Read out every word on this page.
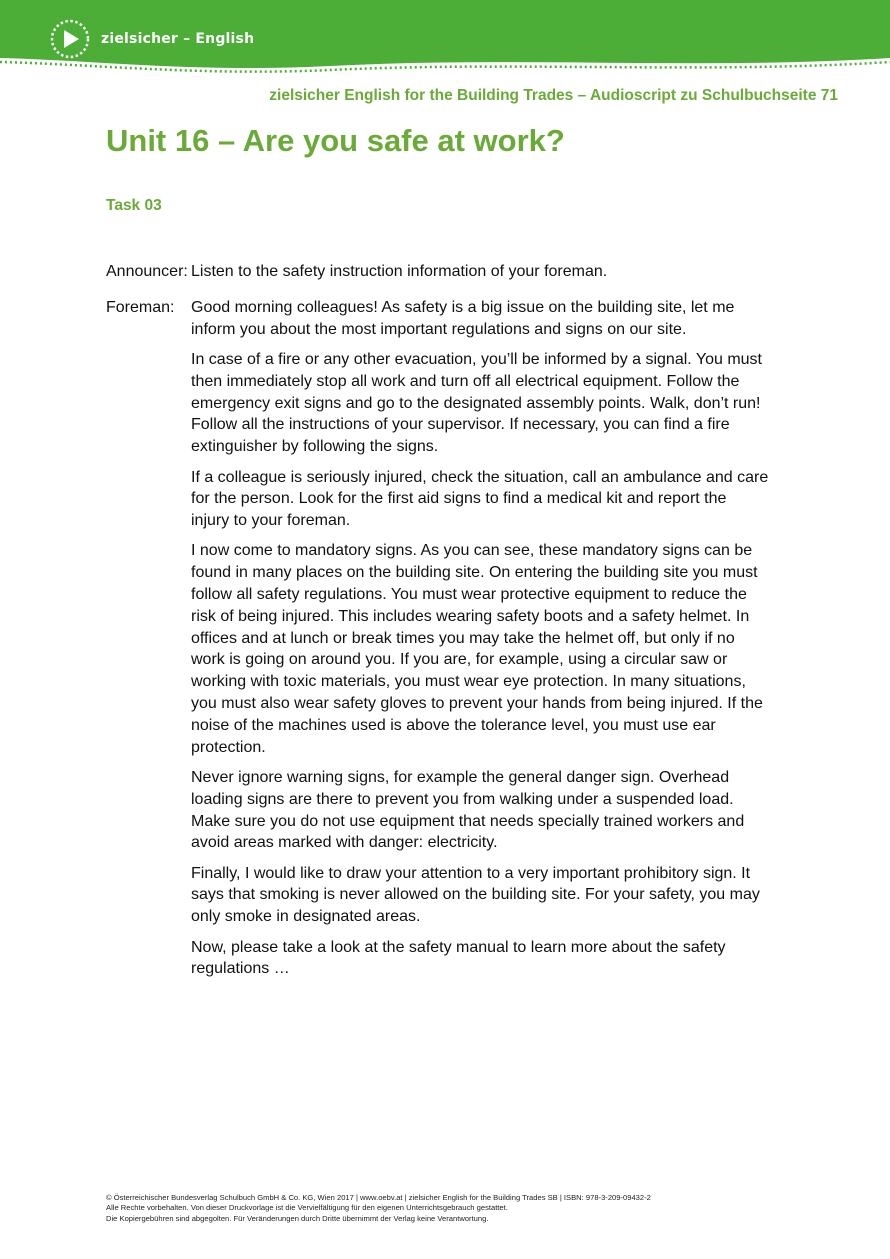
zielsicher – English
zielsicher English for the Building Trades – Audioscript zu Schulbuchseite 71
Unit 16 – Are you safe at work?
Task 03
Announcer: Listen to the safety instruction information of your foreman.
Foreman: Good morning colleagues! As safety is a big issue on the building site, let me
inform you about the most important regulations and signs on our site.

In case of a fire or any other evacuation, you’ll be informed by a signal. You must
then immediately stop all work and turn off all electrical equipment. Follow the
emergency exit signs and go to the designated assembly points. Walk, don’t run!
Follow all the instructions of your supervisor. If necessary, you can find a fire
extinguisher by following the signs.

If a colleague is seriously injured, check the situation, call an ambulance and care
for the person. Look for the first aid signs to find a medical kit and report the
injury to your foreman.

I now come to mandatory signs. As you can see, these mandatory signs can be
found in many places on the building site. On entering the building site you must
follow all safety regulations. You must wear protective equipment to reduce the
risk of being injured. This includes wearing safety boots and a safety helmet. In
offices and at lunch or break times you may take the helmet off, but only if no
work is going on around you. If you are, for example, using a circular saw or
working with toxic materials, you must wear eye protection. In many situations,
you must also wear safety gloves to prevent your hands from being injured. If the
noise of the machines used is above the tolerance level, you must use ear
protection.

Never ignore warning signs, for example the general danger sign. Overhead
loading signs are there to prevent you from walking under a suspended load.
Make sure you do not use equipment that needs specially trained workers and
avoid areas marked with danger: electricity.

Finally, I would like to draw your attention to a very important prohibitory sign. It
says that smoking is never allowed on the building site. For your safety, you may
only smoke in designated areas.

Now, please take a look at the safety manual to learn more about the safety
regulations …

© Österreichischer Bundesverlag Schulbuch GmbH & Co. KG, Wien 2017 | www.oebv.at | zielsicher English for the Building Trades SB | ISBN: 978-3-209-09432-2
Alle Rechte vorbehalten. Von dieser Druckvorlage ist die Vervielfältigung für den eigenen Unterrichtsgebrauch gestattet.
Die Kopiergebühren sind abgegolten. Für Veränderungen durch Dritte übernimmt der Verlag keine Verantwortung.
